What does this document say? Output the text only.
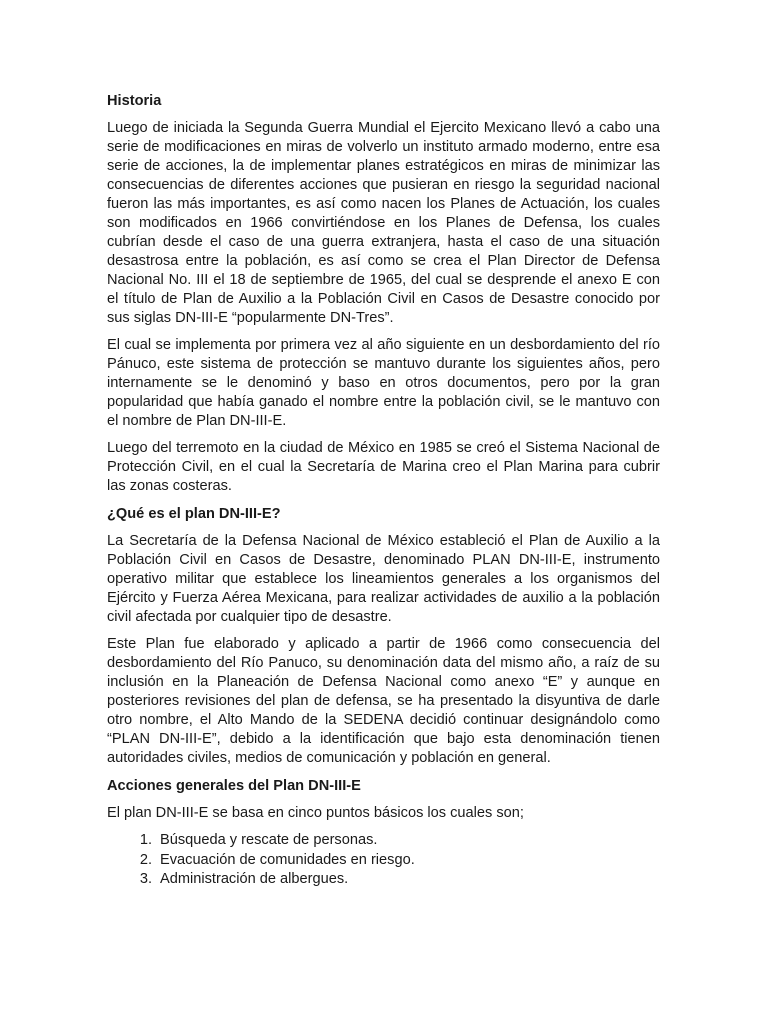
Historia

Luego de iniciada la Segunda Guerra Mundial el Ejercito Mexicano llevó a cabo una serie de modificaciones en miras de volverlo un instituto armado moderno, entre esa serie de acciones, la de implementar planes estratégicos en miras de minimizar las consecuencias de diferentes acciones que pusieran en riesgo la seguridad nacional fueron las más importantes, es así como nacen los Planes de Actuación, los cuales son modificados en 1966 convirtiéndose en los Planes de Defensa, los cuales cubrían desde el caso de una guerra extranjera, hasta el caso de una situación desastrosa entre la población, es así como se crea el Plan Director de Defensa Nacional No. III el 18 de septiembre de 1965, del cual se desprende el anexo E con el título de Plan de Auxilio a la Población Civil en Casos de Desastre conocido por sus siglas DN-III-E “popularmente DN-Tres”.

El cual se implementa por primera vez al año siguiente en un desbordamiento del río Pánuco, este sistema de protección se mantuvo durante los siguientes años, pero internamente se le denominó y baso en otros documentos, pero por la gran popularidad que había ganado el nombre entre la población civil, se le mantuvo con el nombre de Plan DN-III-E.

Luego del terremoto en la ciudad de México en 1985 se creó el Sistema Nacional de Protección Civil, en el cual la Secretaría de Marina creo el Plan Marina para cubrir las zonas costeras.

¿Qué es el plan DN-III-E?

La Secretaría de la Defensa Nacional de México estableció el Plan de Auxilio a la Población Civil en Casos de Desastre, denominado PLAN DN-III-E, instrumento operativo militar que establece los lineamientos generales a los organismos del Ejército y Fuerza Aérea Mexicana, para realizar actividades de auxilio a la población civil afectada por cualquier tipo de desastre.

Este Plan fue elaborado y aplicado a partir de 1966 como consecuencia del desbordamiento del Río Panuco, su denominación data del mismo año, a raíz de su inclusión en la Planeación de Defensa Nacional como anexo “E” y aunque en posteriores revisiones del plan de defensa, se ha presentado la disyuntiva de darle otro nombre, el Alto Mando de la SEDENA decidió continuar designándolo como “PLAN DN-III-E”, debido a la identificación que bajo esta denominación tienen autoridades civiles, medios de comunicación y población en general.

Acciones generales del Plan DN-III-E

El plan DN-III-E se basa en cinco puntos básicos los cuales son;

1. Búsqueda y rescate de personas.
2. Evacuación de comunidades en riesgo.
3. Administración de albergues.
